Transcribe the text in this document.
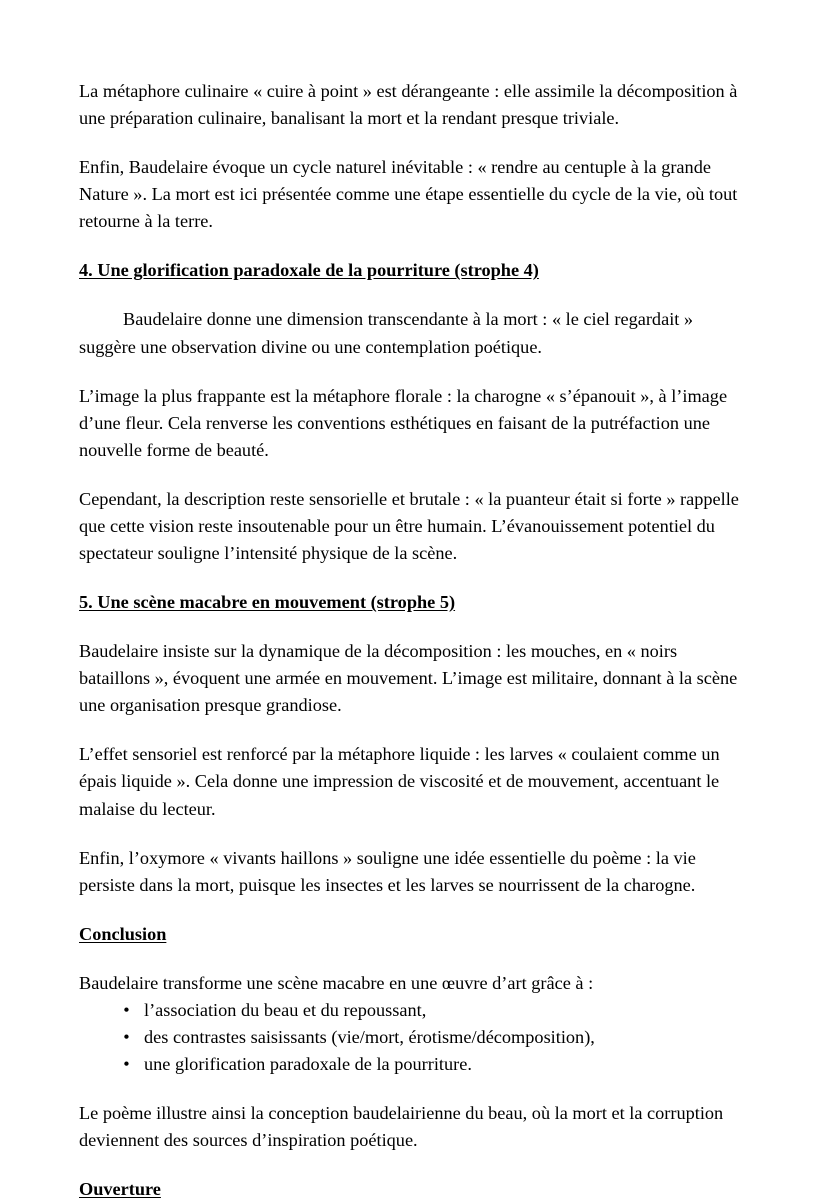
La métaphore culinaire « cuire à point » est dérangeante : elle assimile la décomposition à une préparation culinaire, banalisant la mort et la rendant presque triviale.

Enfin, Baudelaire évoque un cycle naturel inévitable : « rendre au centuple à la grande Nature ». La mort est ici présentée comme une étape essentielle du cycle de la vie, où tout retourne à la terre.

4. Une glorification paradoxale de la pourriture (strophe 4)

Baudelaire donne une dimension transcendante à la mort : « le ciel regardait » suggère une observation divine ou une contemplation poétique.

L’image la plus frappante est la métaphore florale : la charogne « s’épanouit », à l’image d’une fleur. Cela renverse les conventions esthétiques en faisant de la putréfaction une nouvelle forme de beauté.

Cependant, la description reste sensorielle et brutale : « la puanteur était si forte » rappelle que cette vision reste insoutenable pour un être humain. L’évanouissement potentiel du spectateur souligne l’intensité physique de la scène.

5. Une scène macabre en mouvement (strophe 5)

Baudelaire insiste sur la dynamique de la décomposition : les mouches, en « noirs bataillons », évoquent une armée en mouvement. L’image est militaire, donnant à la scène une organisation presque grandiose.

L’effet sensoriel est renforcé par la métaphore liquide : les larves « coulaient comme un épais liquide ». Cela donne une impression de viscosité et de mouvement, accentuant le malaise du lecteur.

Enfin, l’oxymore « vivants haillons » souligne une idée essentielle du poème : la vie persiste dans la mort, puisque les insectes et les larves se nourrissent de la charogne.

Conclusion

Baudelaire transforme une scène macabre en une œuvre d’art grâce à :

• l’association du beau et du repoussant,
• des contrastes saisissants (vie/mort, érotisme/décomposition),
• une glorification paradoxale de la pourriture.

Le poème illustre ainsi la conception baudelairienne du beau, où la mort et la corruption deviennent des sources d’inspiration poétique.

Ouverture
